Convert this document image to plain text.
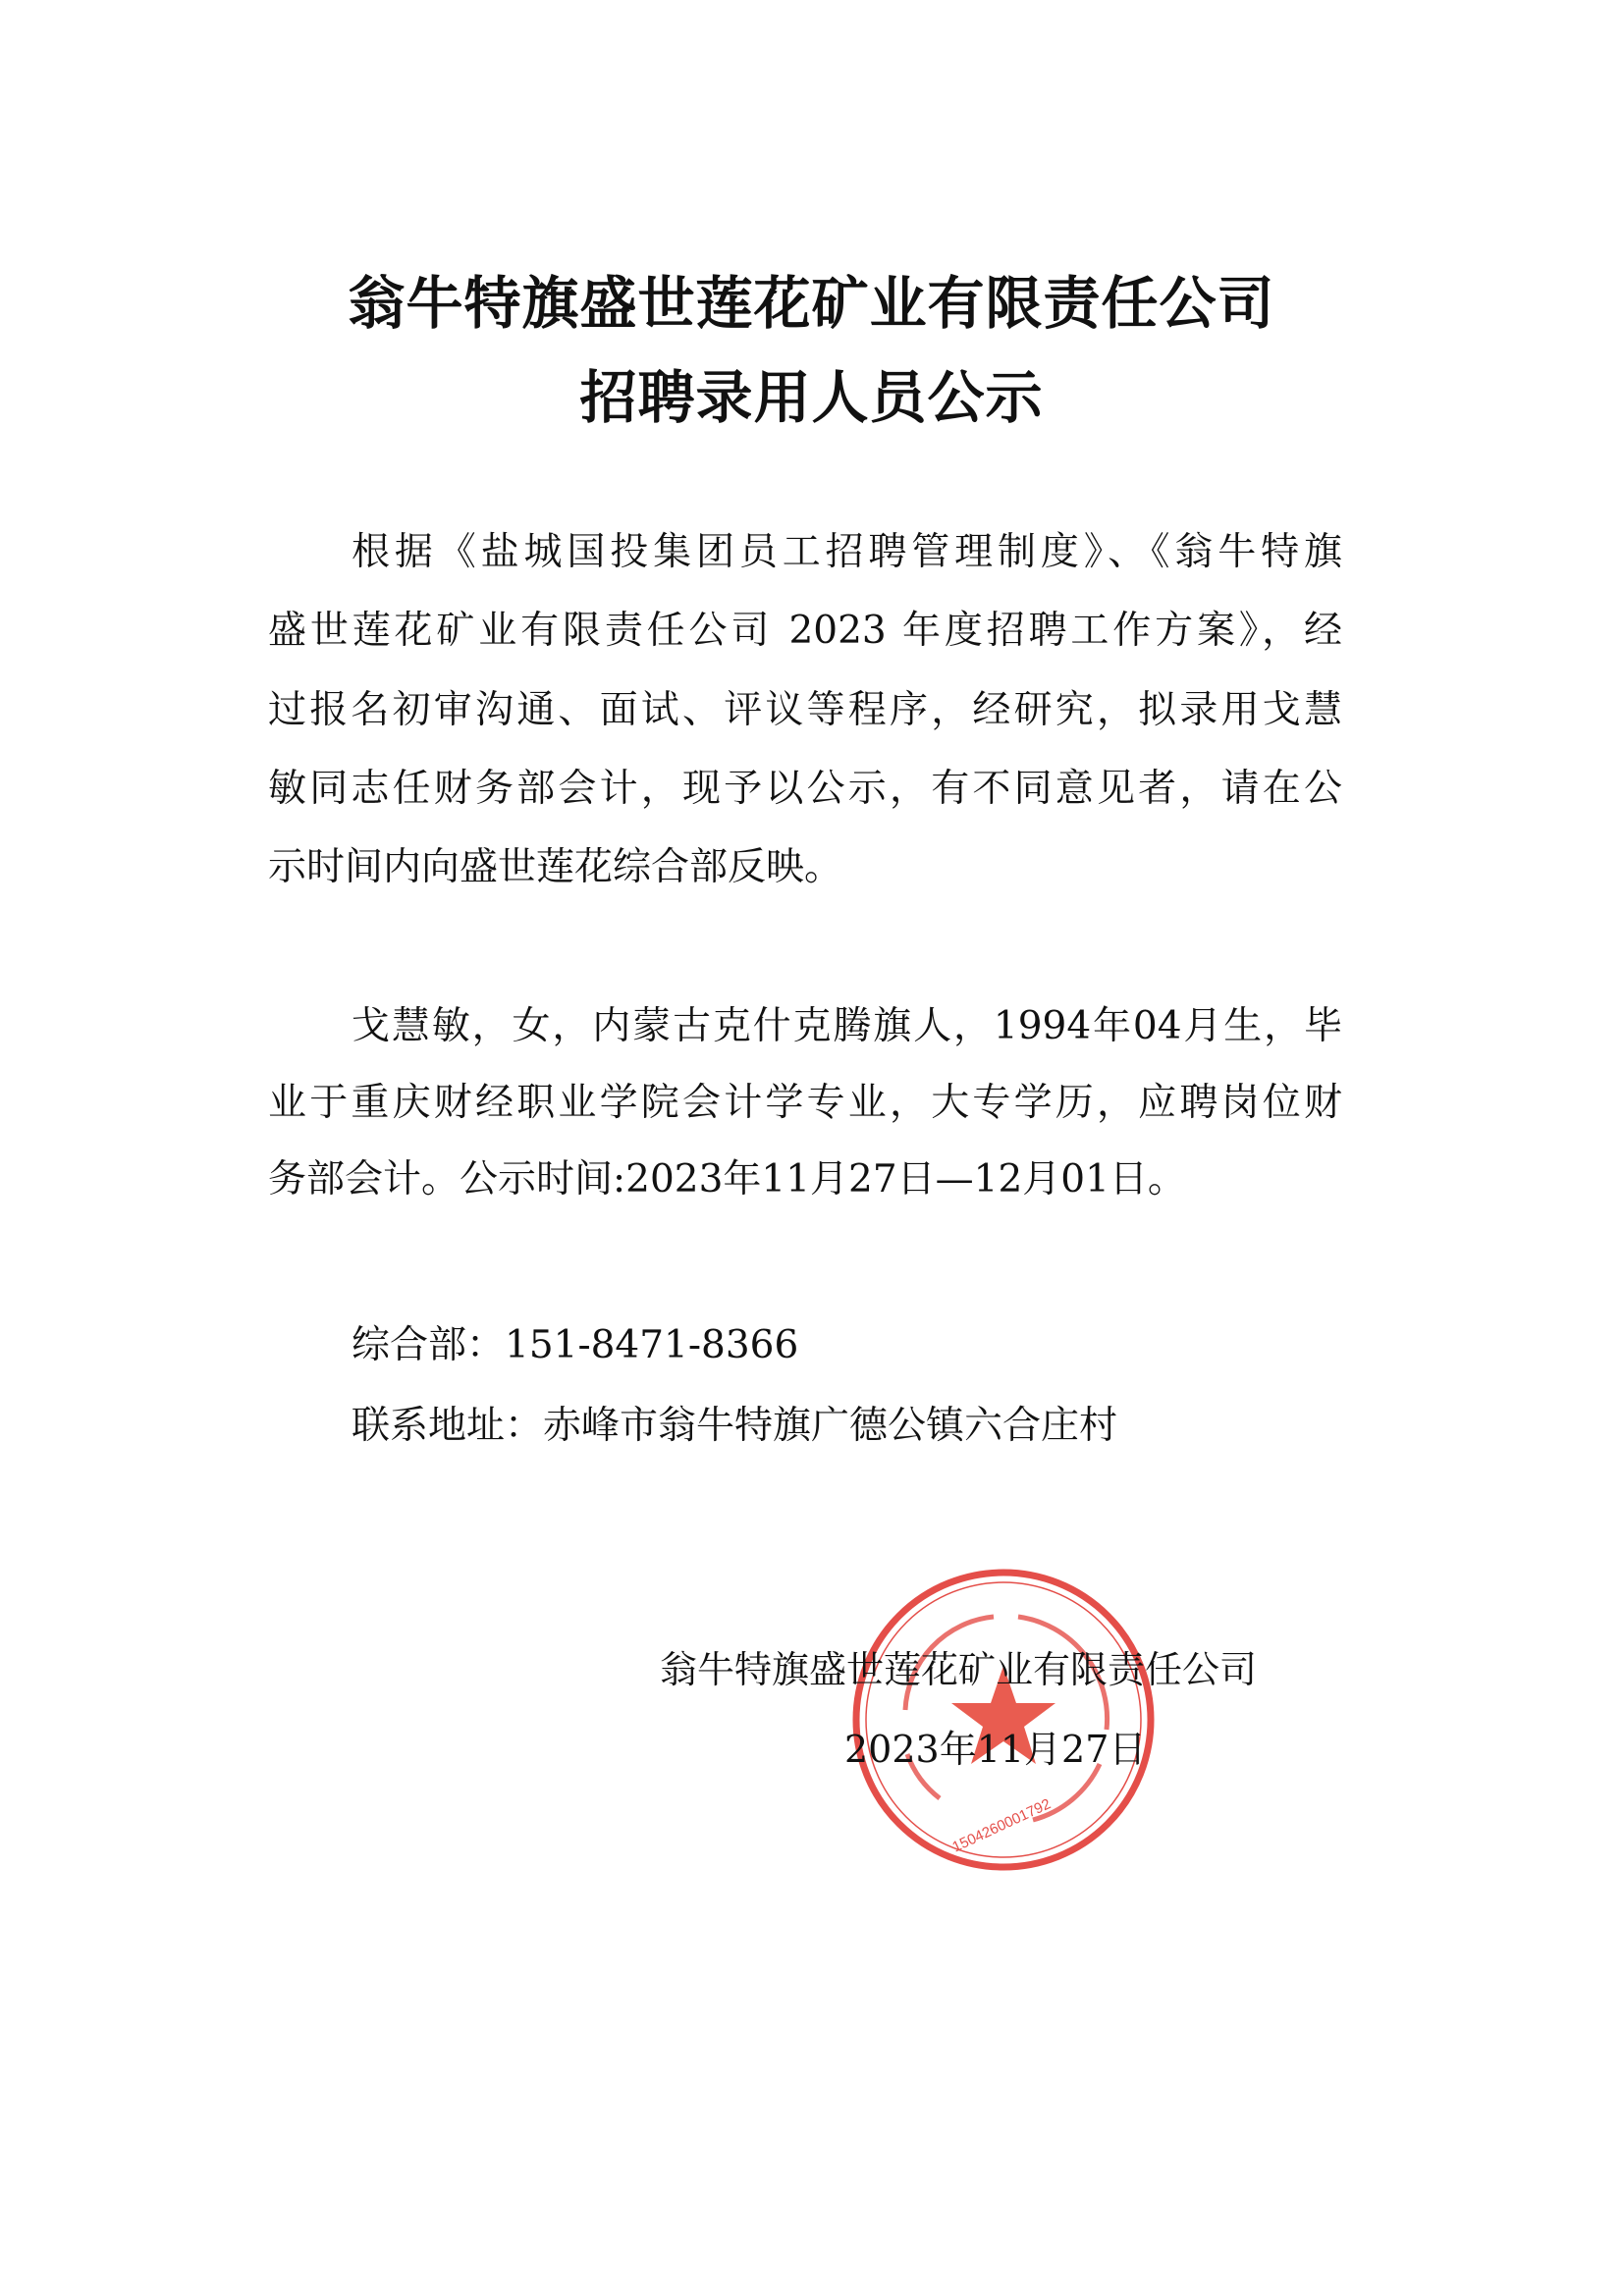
翁牛特旗盛世莲花矿业有限责任公司
招聘录用人员公示
根据《盐城国投集团员工招聘管理制度》、《翁牛特旗
盛世莲花矿业有限责任公司 2023 年度招聘工作方案》，经
过报名初审沟通、面试、评议等程序，经研究，拟录用戈慧
敏同志任财务部会计，现予以公示，有不同意见者，请在公
示时间内向盛世莲花综合部反映。
戈慧敏，女，内蒙古克什克腾旗人，1994年04月生，毕
业于重庆财经职业学院会计学专业，大专学历，应聘岗位财
务部会计。公示时间:2023年11月27日—12月01日。
综合部：151-8471-8366
联系地址：赤峰市翁牛特旗广德公镇六合庄村
1504260001792
翁牛特旗盛世莲花矿业有限责任公司
2023年11月27日
